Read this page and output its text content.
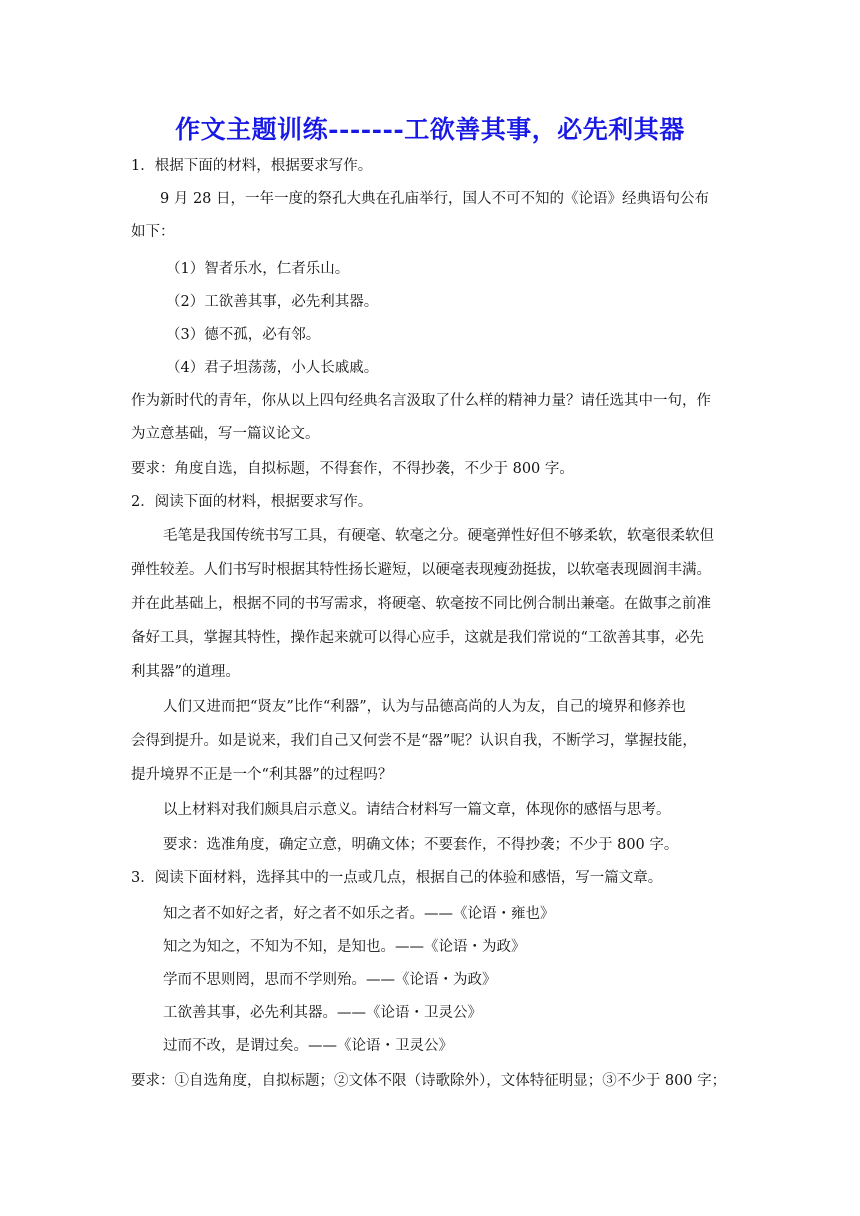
作文主题训练-------工欲善其事，必先利其器
1．根据下面的材料，根据要求写作。
9 月 28 日，一年一度的祭孔大典在孔庙举行，国人不可不知的《论语》经典语句公布
如下：
（1）智者乐水，仁者乐山。
（2）工欲善其事，必先利其器。
（3）德不孤，必有邻。
（4）君子坦荡荡，小人长戚戚。
作为新时代的青年，你从以上四句经典名言汲取了什么样的精神力量？请任选其中一句，作
为立意基础，写一篇议论文。
要求：角度自选，自拟标题，不得套作，不得抄袭，不少于 800 字。
2．阅读下面的材料，根据要求写作。
毛笔是我国传统书写工具，有硬毫、软毫之分。硬毫弹性好但不够柔软，软毫很柔软但
弹性较差。人们书写时根据其特性扬长避短，以硬毫表现瘦劲挺拔，以软毫表现圆润丰满。
并在此基础上，根据不同的书写需求，将硬毫、软毫按不同比例合制出兼毫。在做事之前准
备好工具，掌握其特性，操作起来就可以得心应手，这就是我们常说的“工欲善其事，必先
利其器”的道理。
人们又进而把“贤友”比作“利器”，认为与品德高尚的人为友，自己的境界和修养也
会得到提升。如是说来，我们自己又何尝不是“器”呢？认识自我，不断学习，掌握技能，
提升境界不正是一个“利其器”的过程吗？
以上材料对我们颇具启示意义。请结合材料写一篇文章，体现你的感悟与思考。
要求：选准角度，确定立意，明确文体；不要套作，不得抄袭；不少于 800 字。
3．阅读下面材料，选择其中的一点或几点，根据自己的体验和感悟，写一篇文章。
知之者不如好之者，好之者不如乐之者。——《论语・雍也》
知之为知之，不知为不知，是知也。——《论语・为政》
学而不思则罔，思而不学则殆。——《论语・为政》
工欲善其事，必先利其器。——《论语・卫灵公》
过而不改，是谓过矣。——《论语・卫灵公》
要求：①自选角度，自拟标题；②文体不限（诗歌除外），文体特征明显；③不少于 800 字；
